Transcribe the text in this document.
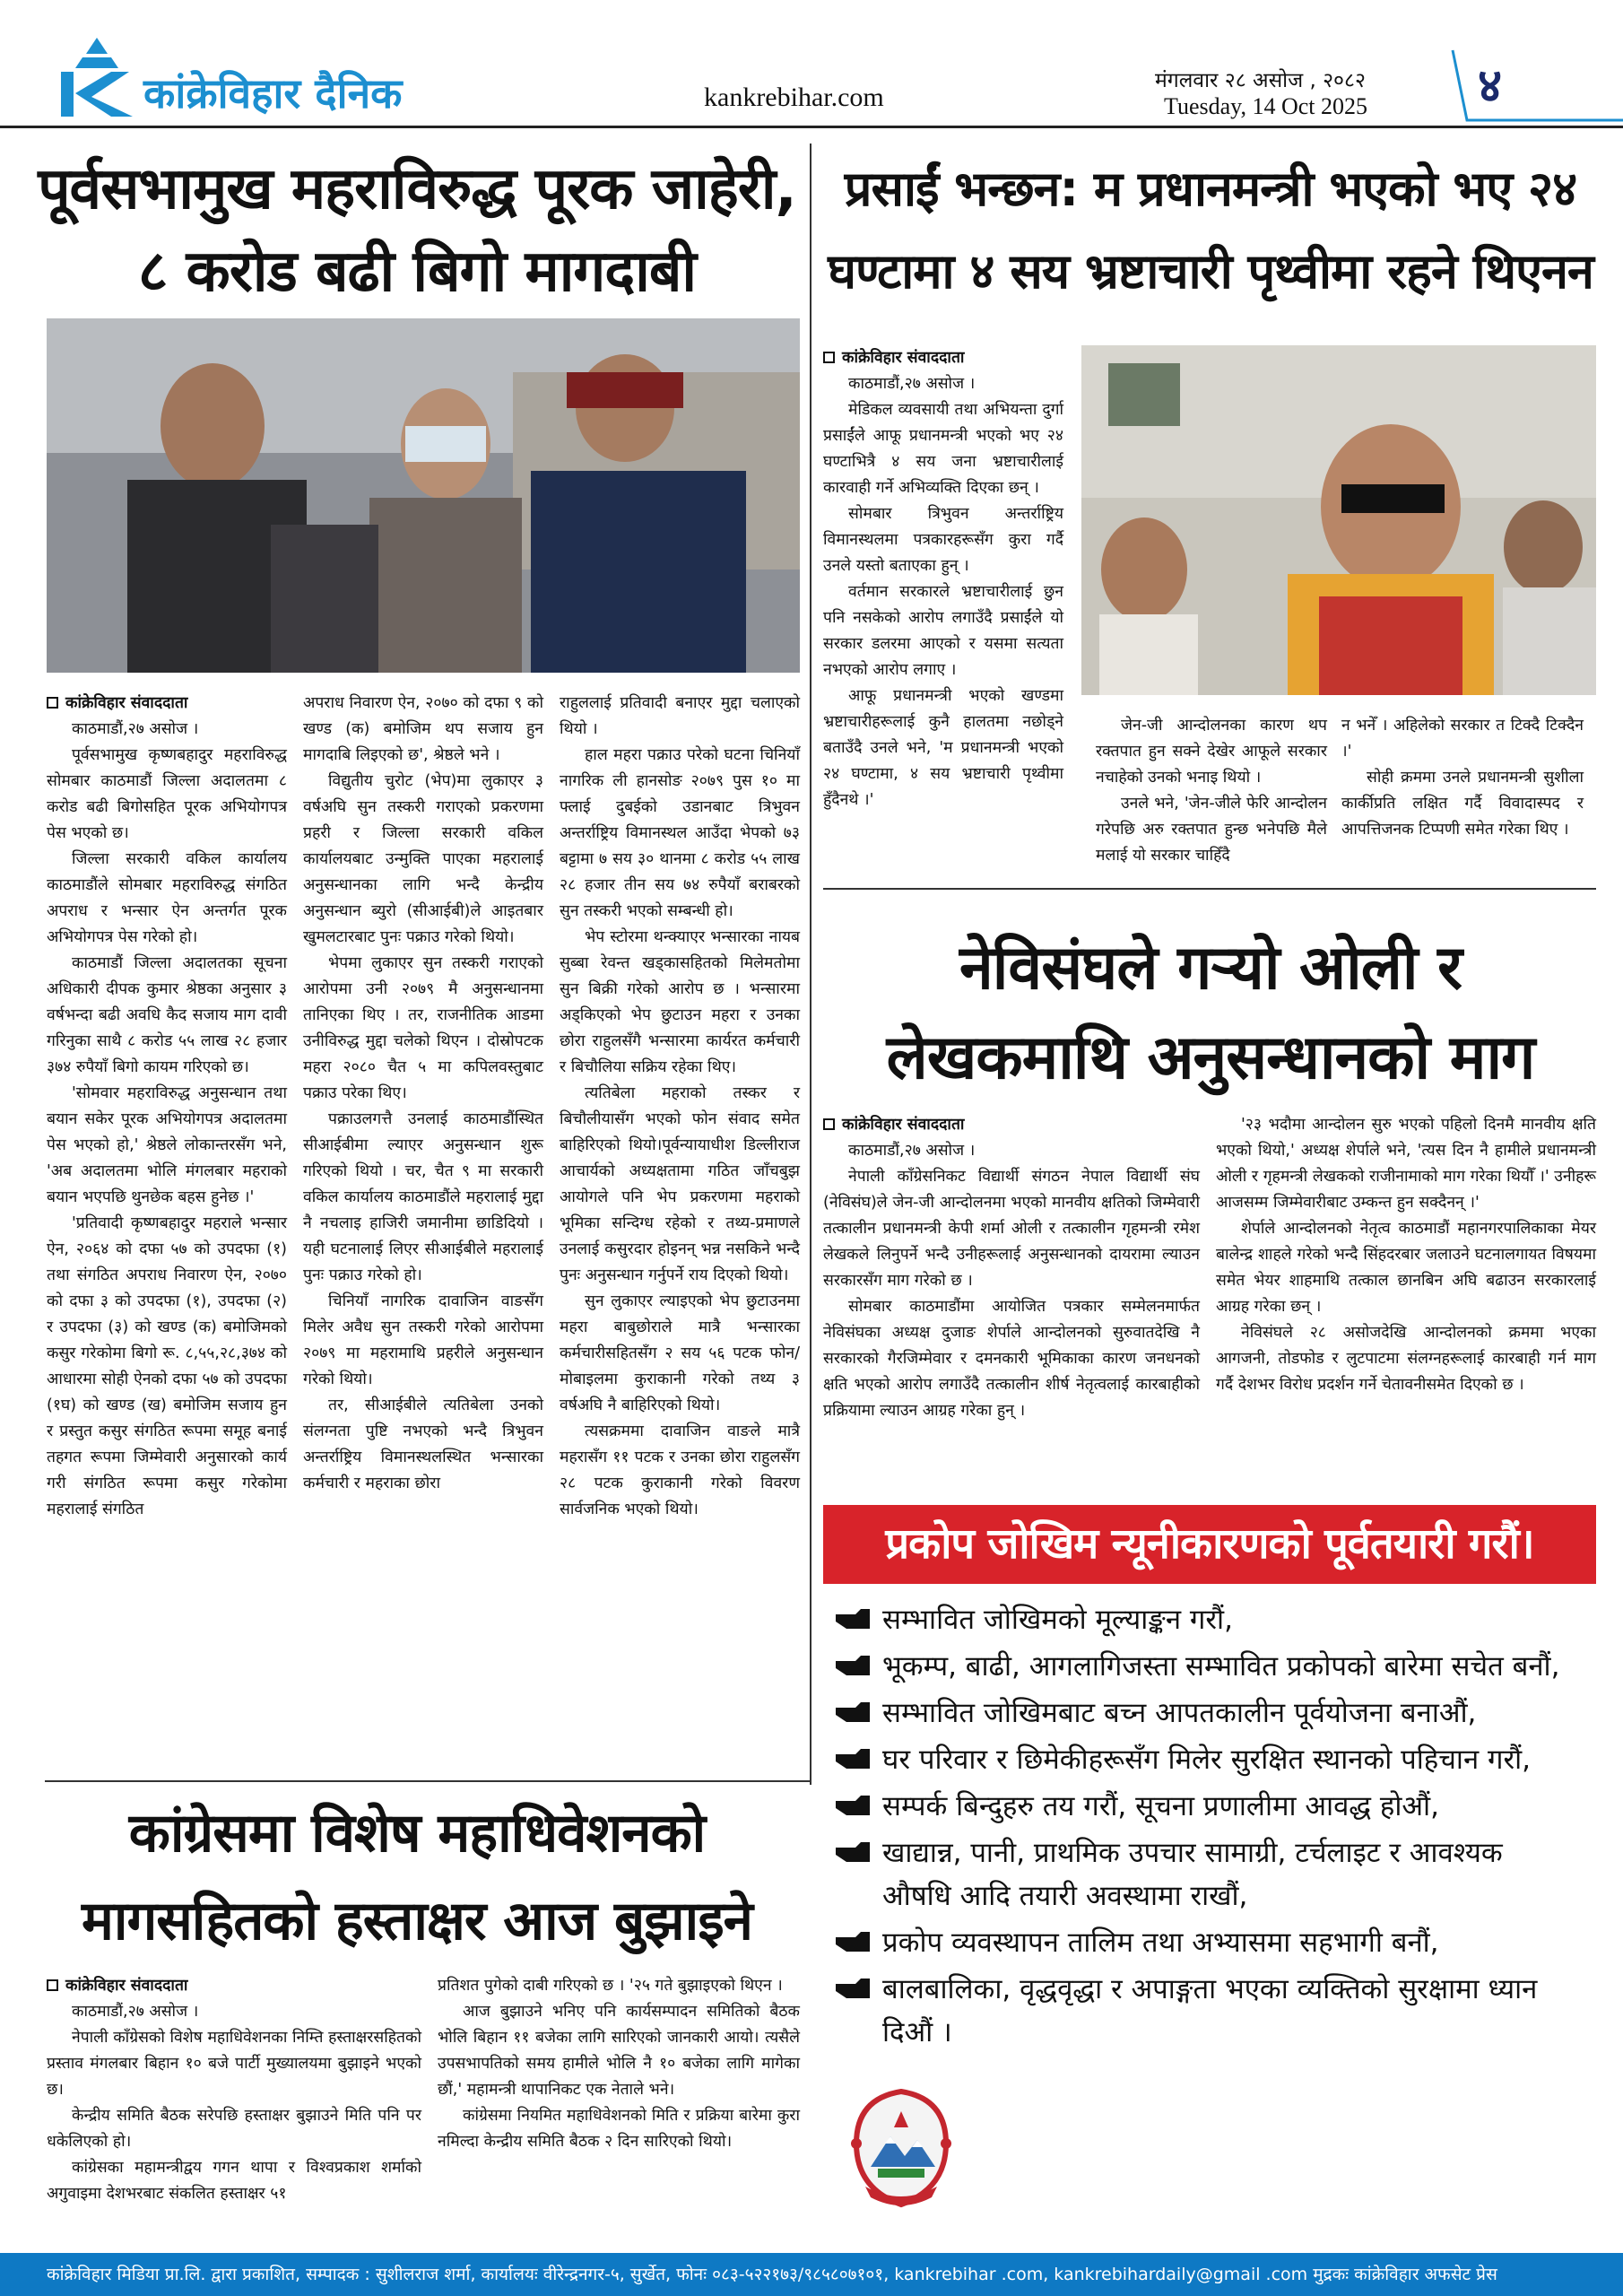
कांक्रेविहार दैनिक	kankrebihar.com
मंगलवार २८ असोज , २०८२
Tuesday, 14 Oct 2025 ४
पूर्वसभामुख महराविरुद्ध पूरक जाहेरी,
८ करोड बढी बिगो मागदाबी

कांक्रेविहार संवाददाता

काठमाडौं,२७ असोज ।

पूर्वसभामुख कृष्णबहादुर महराविरुद्ध सोमबार काठमाडौं जिल्ला अदालतमा ८ करोड बढी बिगोसहित पूरक अभियोगपत्र पेस भएको छ।

जिल्ला सरकारी वकिल कार्यालय काठमाडौंले सोमबार महराविरुद्ध संगठित अपराध र भन्सार ऐन अन्तर्गत पूरक अभियोगपत्र पेस गरेको हो।

काठमाडौं जिल्ला अदालतका सूचना अधिकारी दीपक कुमार श्रेष्ठका अनुसार ३ वर्षभन्दा बढी अवधि कैद सजाय माग दावी गरिनुका साथै ८ करोड ५५ लाख २८ हजार ३७४ रुपैयाँ बिगो कायम गरिएको छ।

'सोमवार महराविरुद्ध अनुसन्धान तथा बयान सकेर पूरक अभियोगपत्र अदालतमा पेस भएको हो,' श्रेष्ठले लोकान्तरसँग भने, 'अब अदालतमा भोलि मंगलबार महराको बयान भएपछि थुनछेक बहस हुनेछ ।'

'प्रतिवादी कृष्णबहादुर महराले भन्सार ऐन, २०६४ को दफा ५७ को उपदफा (१) तथा संगठित अपराध निवारण ऐन, २०७० को दफा ३ को उपदफा (१), उपदफा (२) र उपदफा (३) को खण्ड (क) बमोजिमको कसुर गरेकोमा बिगो रू. ८,५५,२८,३७४ को आधारमा सोही ऐनको दफा ५७ को उपदफा (१घ) को खण्ड (ख) बमोजिम सजाय हुन र प्रस्तुत कसुर संगठित रूपमा समूह बनाई तहगत रूपमा जिम्मेवारी अनुसारको कार्य गरी संगठित रूपमा कसुर गरेकोमा महरालाई संगठित

अपराध निवारण ऐन, २०७० को दफा ९ को खण्ड (क) बमोजिम थप सजाय हुन मागदाबि लिइएको छ', श्रेष्ठले भने ।

विद्युतीय चुरोट (भेप)मा लुकाएर ३ वर्षअघि सुन तस्करी गराएको प्रकरणमा प्रहरी र जिल्ला सरकारी वकिल कार्यालयबाट उन्मुक्ति पाएका महरालाई अनुसन्धानका लागि भन्दै केन्द्रीय अनुसन्धान ब्युरो (सीआईबी)ले आइतबार खुमलटारबाट पुनः पक्राउ गरेको थियो।

भेपमा लुकाएर सुन तस्करी गराएको आरोपमा उनी २०७९ मै अनुसन्धानमा तानिएका थिए । तर, राजनीतिक आडमा उनीविरुद्ध मुद्दा चलेको थिएन । दोस्रोपटक महरा २०८० चैत ५ मा कपिलवस्तुबाट पक्राउ परेका थिए।

पक्राउलगत्तै उनलाई काठमाडौंस्थित सीआईबीमा ल्याएर अनुसन्धान शुरू गरिएको थियो । चर, चैत ९ मा सरकारी वकिल कार्यालय काठमाडौंले महरालाई मुद्दा नै नचलाइ हाजिरी जमानीमा छाडिदियो । यही घटनालाई लिएर सीआईबीले महरालाई पुनः पक्राउ गरेको हो।

चिनियाँ नागरिक दावाजिन वाङसँग मिलेर अवैध सुन तस्करी गरेको आरोपमा २०७९ मा महरामाथि प्रहरीले अनुसन्धान गरेको थियो।

तर, सीआईबीले त्यतिबेला उनको संलग्नता पुष्टि नभएको भन्दै त्रिभुवन अन्तर्राष्ट्रिय विमानस्थलस्थित भन्सारका कर्मचारी र महराका छोरा

राहुललाई प्रतिवादी बनाएर मुद्दा चलाएको थियो ।

हाल महरा पक्राउ परेको घटना चिनियाँ नागरिक ली हानसोङ २०७९ पुस १० मा फ्लाई दुबईको उडानबाट त्रिभुवन अन्तर्राष्ट्रिय विमानस्थल आउँदा भेपको ७३ बट्टामा ७ सय ३० थानमा ८ करोड ५५ लाख २८ हजार तीन सय ७४ रुपैयाँ बराबरको सुन तस्करी भएको सम्बन्धी हो।

भेप स्टोरमा थन्क्याएर भन्सारका नायब सुब्बा रेवन्त खड्कासहितको मिलेमतोमा सुन बिक्री गरेको आरोप छ । भन्सारमा अड्किएको भेप छुटाउन महरा र उनका छोरा राहुलसँगै भन्सारमा कार्यरत कर्मचारी र बिचौलिया सक्रिय रहेका थिए।

त्यतिबेला महराको तस्कर र बिचौलीयासँग भएको फोन संवाद समेत बाहिरिएको थियो।पूर्वन्यायाधीश डिल्लीराज आचार्यको अध्यक्षतामा गठित जाँचबुझ आयोगले पनि भेप प्रकरणमा महराको भूमिका सन्दिग्ध रहेको र तथ्य-प्रमाणले उनलाई कसुरदार होइनन् भन्न नसकिने भन्दै पुनः अनुसन्धान गर्नुपर्ने राय दिएको थियो।

सुन लुकाएर ल्याइएको भेप छुटाउनमा महरा बाबुछोराले मात्रै भन्सारका कर्मचारीसहितसँग २ सय ५६ पटक फोन/मोबाइलमा कुराकानी गरेको तथ्य ३ वर्षअघि नै बाहिरिएको थियो।

त्यसक्रममा दावाजिन वाङले मात्रै महरासँग ११ पटक र उनका छोरा राहुलसँग २८ पटक कुराकानी गरेको विवरण सार्वजनिक भएको थियो।

प्रसाईं भन्छन: म प्रधानमन्त्री भएको भए २४
घण्टामा ४ सय भ्रष्टाचारी पृथ्वीमा रहने थिएनन

कांक्रेविहार संवाददाता

काठमाडौं,२७ असोज ।

मेडिकल व्यवसायी तथा अभियन्ता दुर्गा प्रसाईंले आफू प्रधानमन्त्री भएको भए २४ घण्टाभित्रै ४ सय जना भ्रष्टाचारीलाई कारवाही गर्ने अभिव्यक्ति दिएका छन् ।

सोमबार त्रिभुवन अन्तर्राष्ट्रिय विमानस्थलमा पत्रकारहरूसँग कुरा गर्दै उनले यस्तो बताएका हुन् ।

वर्तमान सरकारले भ्रष्टाचारीलाई छुन पनि नसकेको आरोप लगाउँदै प्रसाईंले यो सरकार डलरमा आएको र यसमा सत्यता नभएको आरोप लगाए ।

आफू प्रधानमन्त्री भएको खण्डमा भ्रष्टाचारीहरूलाई कुनै हालतमा नछोड्ने बताउँदै उनले भने, 'म प्रधानमन्त्री भएको २४ घण्टामा, ४ सय भ्रष्टाचारी पृथ्वीमा हुँदैनथे ।'

जेन-जी आन्दोलनका कारण थप रक्तपात हुन सक्ने देखेर आफूले सरकार नचाहेको उनको भनाइ थियो ।

उनले भने, 'जेन-जीले फेरि आन्दोलन गरेपछि अरु रक्तपात हुन्छ भनेपछि मैले मलाई यो सरकार चाहिँदै

न भनेँ । अहिलेको सरकार त टिक्दै टिक्दैन ।'

सोही क्रममा उनले प्रधानमन्त्री सुशीला कार्कीप्रति लक्षित गर्दै विवादास्पद र आपत्तिजनक टिप्पणी समेत गरेका थिए ।

नेविसंघले गऱ्यो ओली र
लेखकमाथि अनुसन्धानको माग

कांक्रेविहार संवाददाता

काठमाडौं,२७ असोज ।

नेपाली काँग्रेसनिकट विद्यार्थी संगठन नेपाल विद्यार्थी संघ (नेविसंघ)ले जेन-जी आन्दोलनमा भएको मानवीय क्षतिको जिम्मेवारी तत्कालीन प्रधानमन्त्री केपी शर्मा ओली र तत्कालीन गृहमन्त्री रमेश लेखकले लिनुपर्ने भन्दै उनीहरूलाई अनुसन्धानको दायरामा ल्याउन सरकारसँग माग गरेको छ ।

सोमबार काठमाडौंमा आयोजित पत्रकार सम्मेलनमार्फत नेविसंघका अध्यक्ष दुजाङ शेर्पाले आन्दोलनको सुरुवातदेखि नै सरकारको गैरजिम्मेवार र दमनकारी भूमिकाका कारण जनधनको क्षति भएको आरोप लगाउँदै तत्कालीन शीर्ष नेतृत्वलाई कारबाहीको प्रक्रियामा ल्याउन आग्रह गरेका हुन् ।

'२३ भदौमा आन्दोलन सुरु भएको पहिलो दिनमै मानवीय क्षति भएको थियो,' अध्यक्ष शेर्पाले भने, 'त्यस दिन नै हामीले प्रधानमन्त्री ओली र गृहमन्त्री लेखकको राजीनामाको माग गरेका थियौँ ।' उनीहरू आजसम्म जिम्मेवारीबाट उम्कन्त हुन सक्दैनन् ।'

शेर्पाले आन्दोलनको नेतृत्व काठमाडौं महानगरपालिकाका मेयर बालेन्द्र शाहले गरेको भन्दै सिंहदरबार जलाउने घटनालगायत विषयमा समेत भेयर शाहमाथि तत्काल छानबिन अघि बढाउन सरकारलाई आग्रह गरेका छन् ।

नेविसंघले २८ असोजदेखि आन्दोलनको क्रममा भएका आगजनी, तोडफोड र लुटपाटमा संलग्नहरूलाई कारबाही गर्न माग गर्दै देशभर विरोध प्रदर्शन गर्ने चेतावनीसमेत दिएको छ ।

प्रकोप जोखिम न्यूनीकारणको पूर्वतयारी गरौं।
सम्भावित जोखिमको मूल्याङ्कन गरौं,
भूकम्प, बाढी, आगलागिजस्ता सम्भावित प्रकोपको बारेमा सचेत बनौं,
सम्भावित जोखिमबाट बच्न आपतकालीन पूर्वयोजना बनाऔं,
घर परिवार र छिमेकीहरूसँग मिलेर सुरक्षित स्थानको पहिचान गरौं,
सम्पर्क बिन्दुहरु तय गरौं, सूचना प्रणालीमा आवद्ध होऔं,
खाद्यान्न, पानी, प्राथमिक उपचार सामाग्री, टर्चलाइट र आवश्यक औषधि आदि तयारी अवस्थामा राखौं,
प्रकोप व्यवस्थापन तालिम तथा अभ्यासमा सहभागी बनौं,
बालबालिका, वृद्धवृद्धा र अपाङ्गता भएका व्यक्तिको सुरक्षामा ध्यान दिऔं ।
कांग्रेसमा विशेष महाधिवेशनको
मागसहितको हस्ताक्षर आज बुझाइने

कांक्रेविहार संवाददाता

काठमाडौं,२७ असोज ।

नेपाली काँग्रेसको विशेष महाधिवेशनका निम्ति हस्ताक्षरसहितको प्रस्ताव मंगलबार बिहान १० बजे पार्टी मुख्यालयमा बुझाइने भएको छ।

केन्द्रीय समिति बैठक सरेपछि हस्ताक्षर बुझाउने मिति पनि पर धकेलिएको हो।

कांग्रेसका महामन्त्रीद्वय गगन थापा र विश्वप्रकाश शर्माको अगुवाइमा देशभरबाट संकलित हस्ताक्षर ५१

प्रतिशत पुगेको दाबी गरिएको छ । '२५ गते बुझाइएको थिएन ।

आज बुझाउने भनिए पनि कार्यसम्पादन समितिको बैठक भोलि बिहान ११ बजेका लागि सारिएको जानकारी आयो। त्यसैले उपसभापतिको समय हामीले भोलि नै १० बजेका लागि मागेका छौं,' महामन्त्री थापानिकट एक नेताले भने।

कांग्रेसमा नियमित महाधिवेशनको मिति र प्रक्रिया बारेमा कुरा नमिल्दा केन्द्रीय समिति बैठक २ दिन सारिएको थियो।

कांक्रेविहार मिडिया प्रा.लि. द्वारा प्रकाशित, सम्पादक : सुशीलराज शर्मा, कार्यालयः वीरेन्द्रनगर-५, सुर्खेत, फोनः ०८३-५२२१७३/९८५८०७१०१, kankrebihar .com, kankrebihardaily@gmail .com मुद्रकः कांक्रेविहार अफसेट प्रेस
